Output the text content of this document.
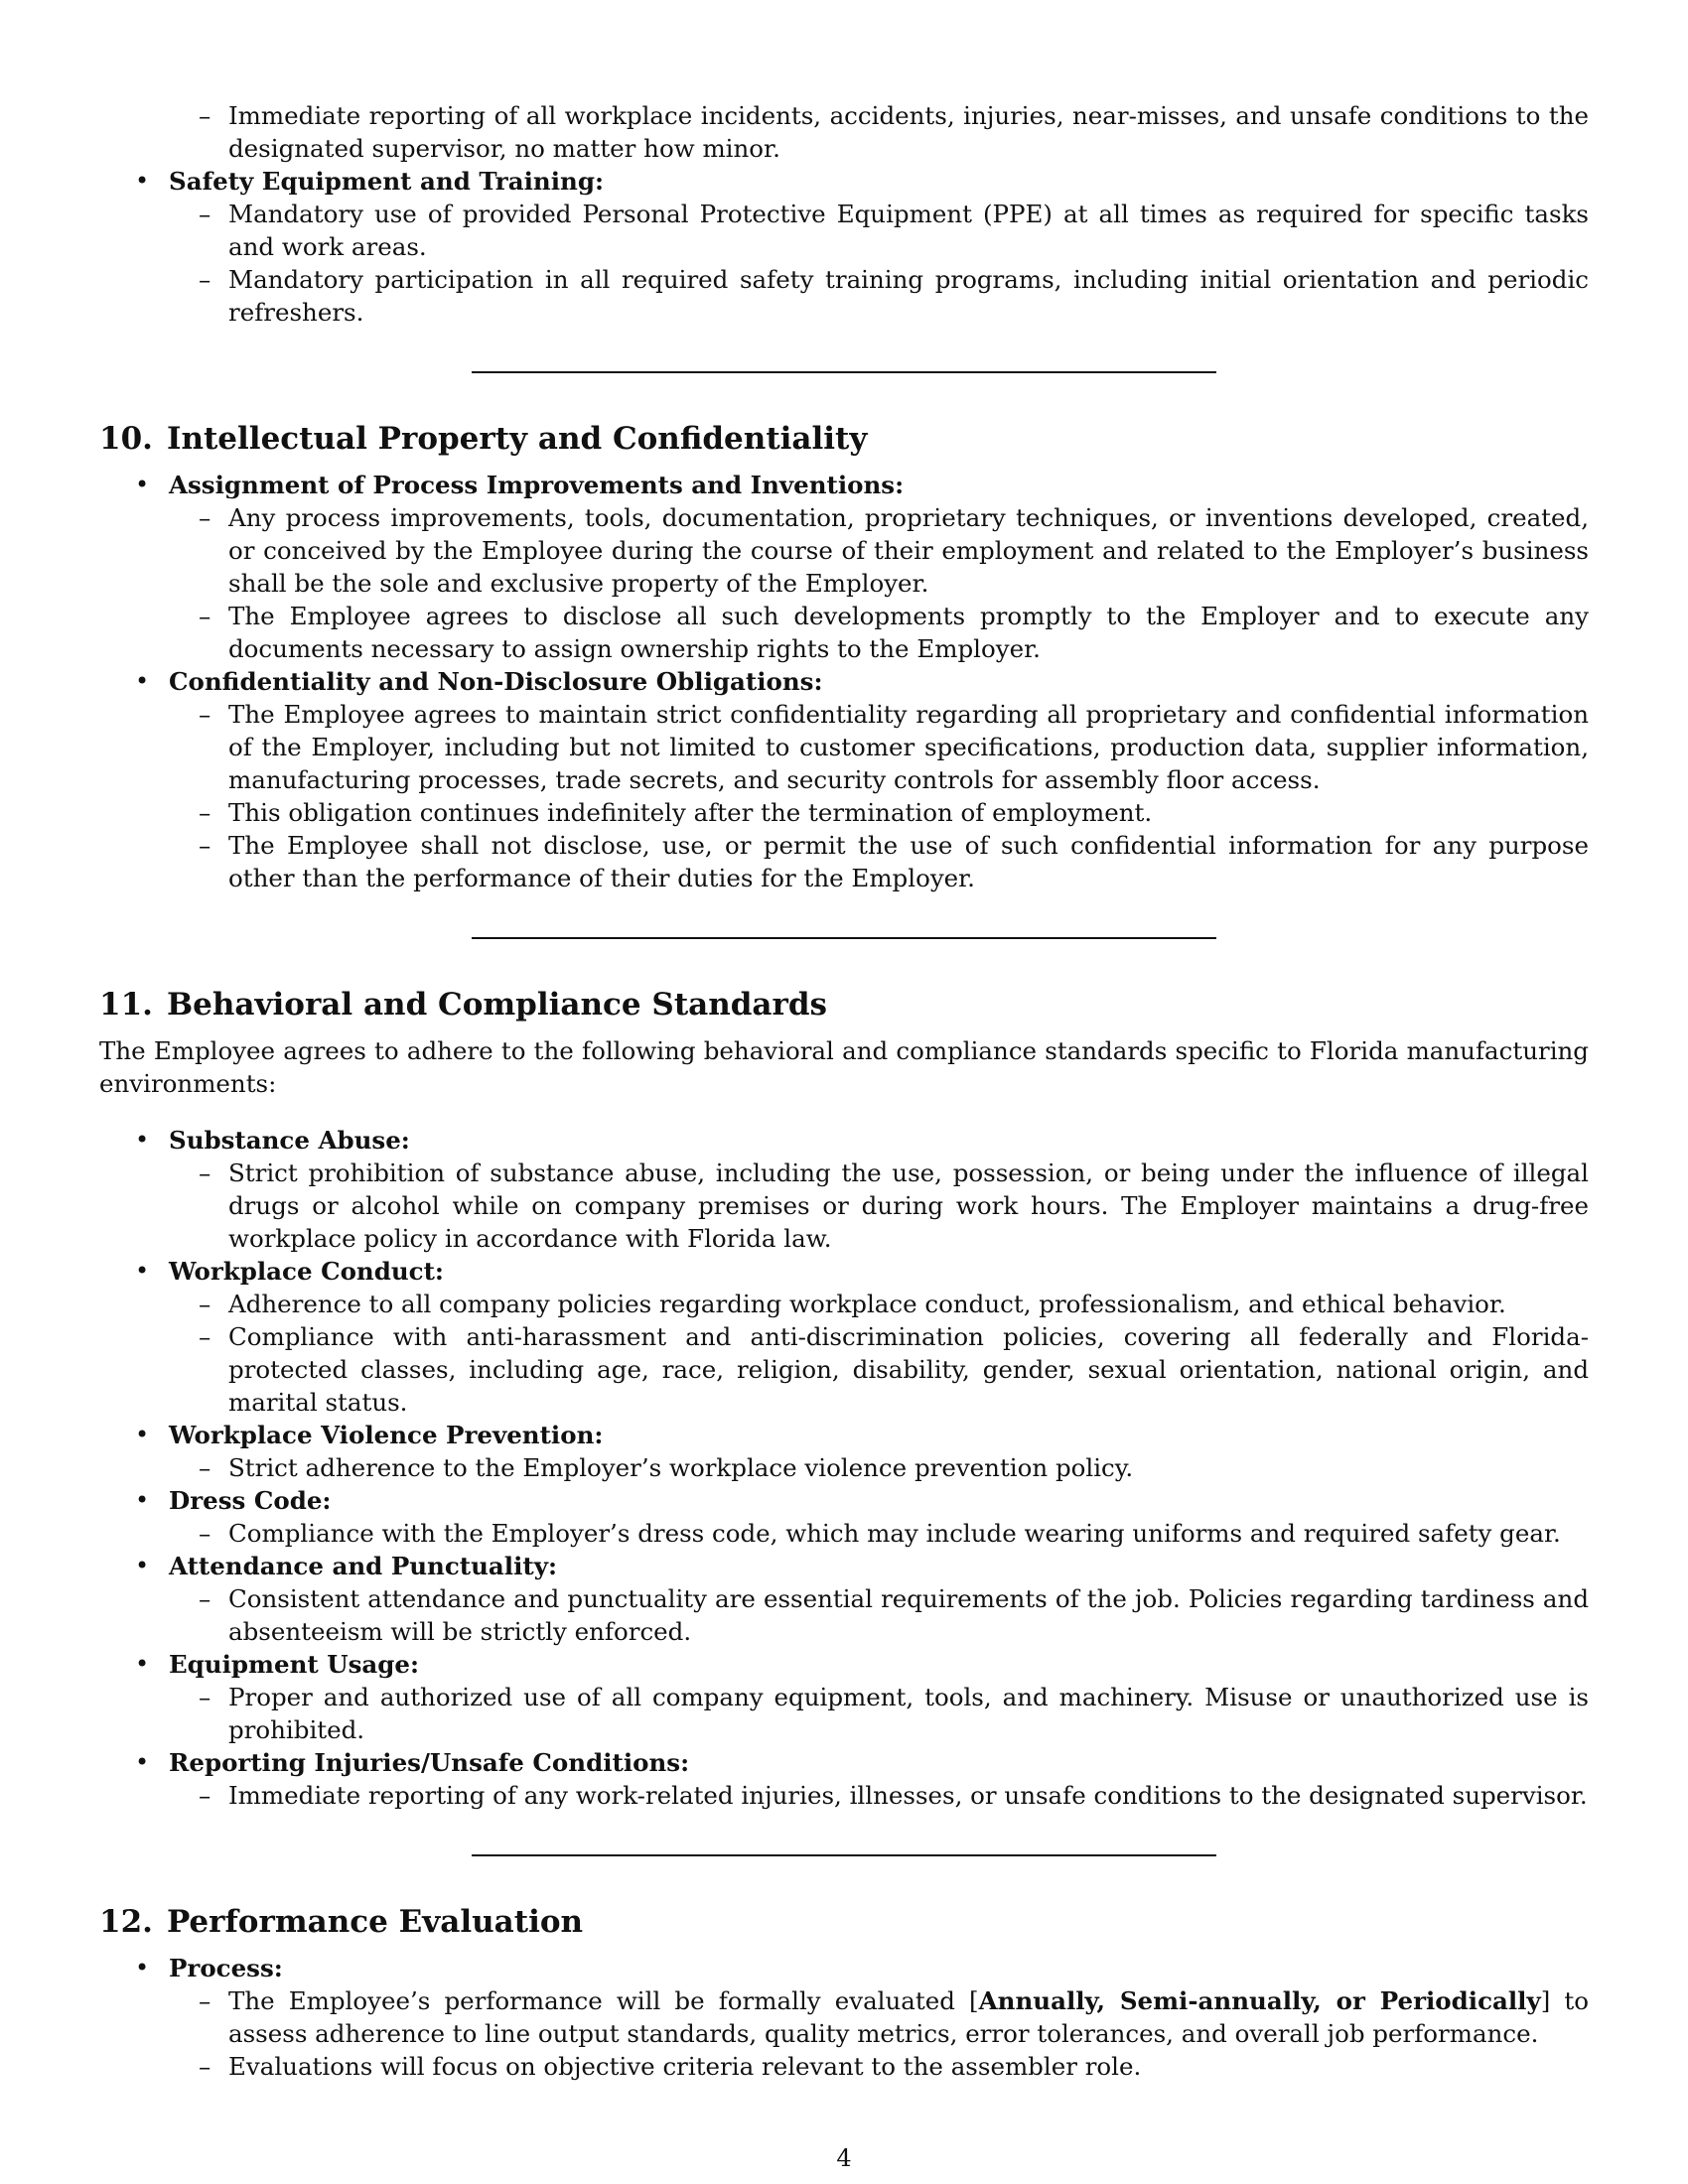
– Immediate reporting of all workplace incidents, accidents, injuries, near-misses, and unsafe conditions to the designated supervisor, no matter how minor.
• Safety Equipment and Training:
– Mandatory use of provided Personal Protective Equipment (PPE) at all times as required for specific tasks and work areas.
– Mandatory participation in all required safety training programs, including initial orientation and periodic refreshers.
10. Intellectual Property and Confidentiality
• Assignment of Process Improvements and Inventions:
– Any process improvements, tools, documentation, proprietary techniques, or inventions developed, created, or conceived by the Employee during the course of their employment and related to the Employer’s business shall be the sole and exclusive property of the Employer.
– The Employee agrees to disclose all such developments promptly to the Employer and to execute any documents necessary to assign ownership rights to the Employer.
• Confidentiality and Non-Disclosure Obligations:
– The Employee agrees to maintain strict confidentiality regarding all proprietary and confidential information of the Employer, including but not limited to customer specifications, production data, supplier information, manufacturing processes, trade secrets, and security controls for assembly floor access.
– This obligation continues indefinitely after the termination of employment.
– The Employee shall not disclose, use, or permit the use of such confidential information for any purpose other than the performance of their duties for the Employer.
11. Behavioral and Compliance Standards

The Employee agrees to adhere to the following behavioral and compliance standards specific to Florida manufacturing environments:

• Substance Abuse:
– Strict prohibition of substance abuse, including the use, possession, or being under the influence of illegal drugs or alcohol while on company premises or during work hours. The Employer maintains a drug-free workplace policy in accordance with Florida law.
• Workplace Conduct:
– Adherence to all company policies regarding workplace conduct, professionalism, and ethical behavior.
– Compliance with anti-harassment and anti-discrimination policies, covering all federally and Florida-protected classes, including age, race, religion, disability, gender, sexual orientation, national origin, and marital status.
• Workplace Violence Prevention:
– Strict adherence to the Employer’s workplace violence prevention policy.
• Dress Code:
– Compliance with the Employer’s dress code, which may include wearing uniforms and required safety gear.
• Attendance and Punctuality:
– Consistent attendance and punctuality are essential requirements of the job. Policies regarding tardiness and absenteeism will be strictly enforced.
• Equipment Usage:
– Proper and authorized use of all company equipment, tools, and machinery. Misuse or unauthorized use is prohibited.
• Reporting Injuries/Unsafe Conditions:
– Immediate reporting of any work-related injuries, illnesses, or unsafe conditions to the designated supervisor.
12. Performance Evaluation
• Process:
– The Employee’s performance will be formally evaluated [Annually, Semi-annually, or Periodically] to assess adherence to line output standards, quality metrics, error tolerances, and overall job performance.
– Evaluations will focus on objective criteria relevant to the assembler role.
4
